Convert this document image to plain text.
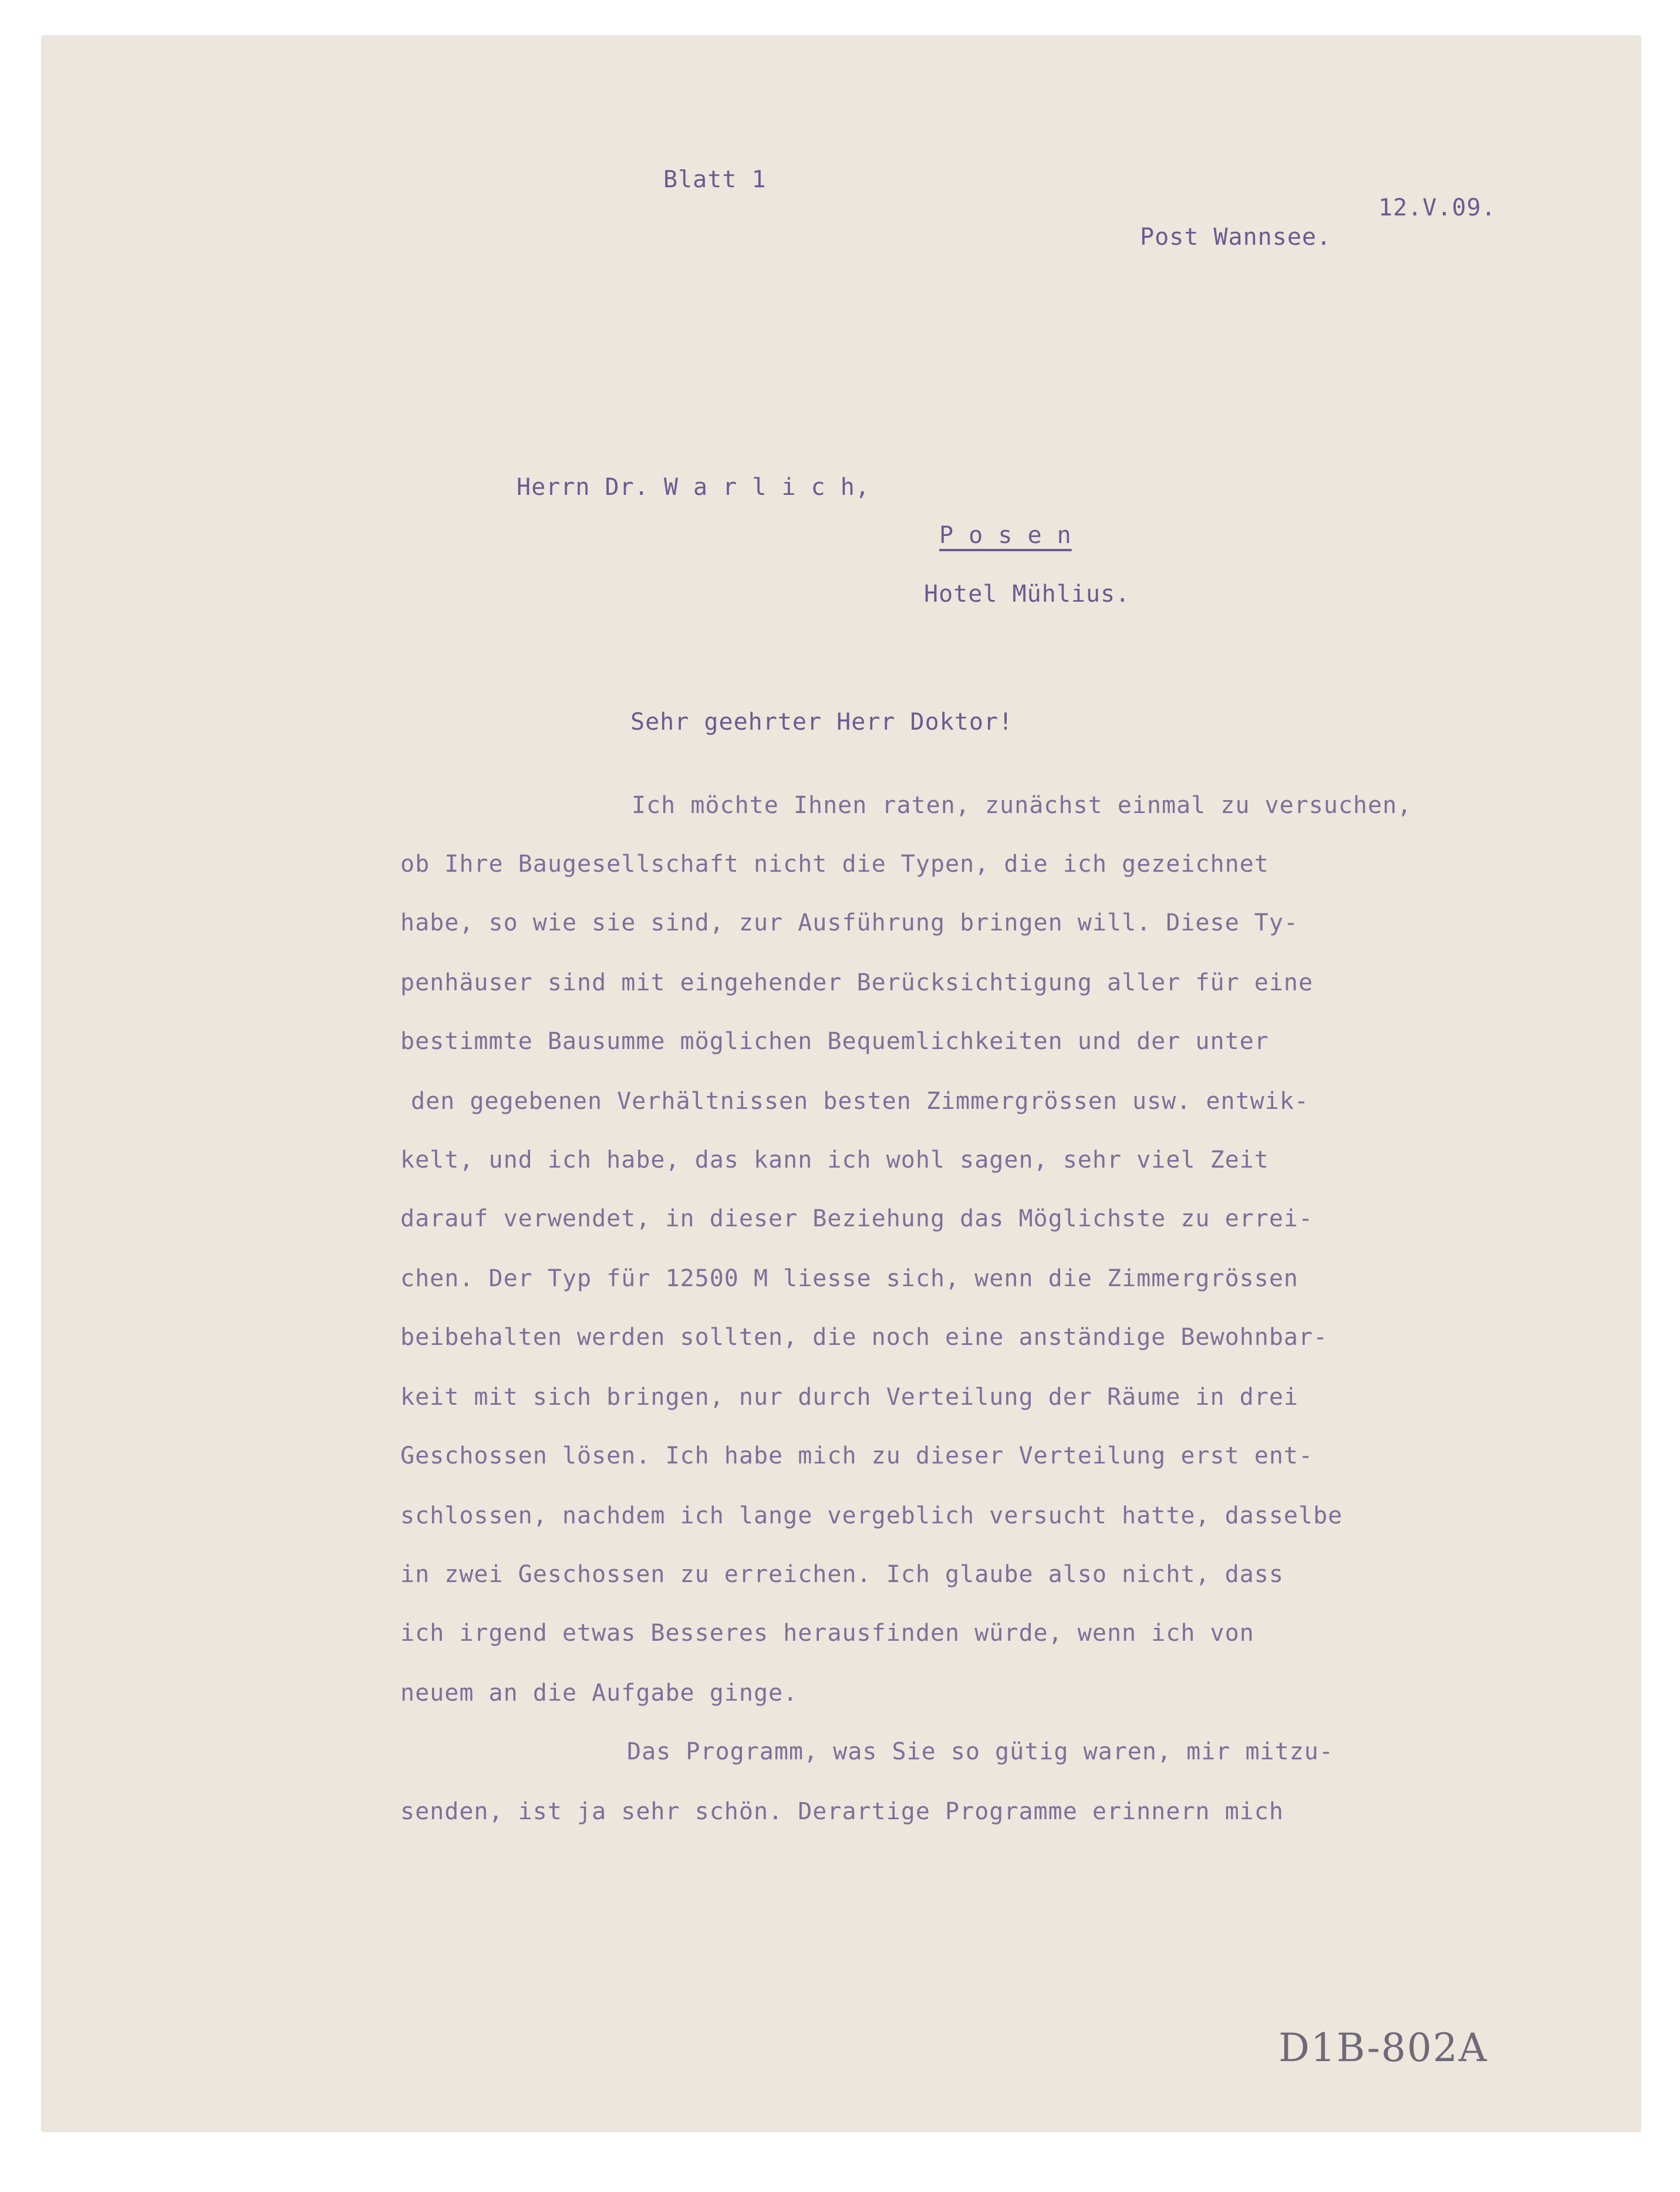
Blatt 1
12.V.09.
Post Wannsee.
Herrn Dr. W a r l i c h,
P o s e n
Hotel Mühlius.
Sehr geehrter Herr Doktor!
Ich möchte Ihnen raten, zunächst einmal zu versuchen,
ob Ihre Baugesellschaft nicht die Typen, die ich gezeichnet
habe, so wie sie sind, zur Ausführung bringen will. Diese Ty-
penhäuser sind mit eingehender Berücksichtigung aller für eine
bestimmte Bausumme möglichen Bequemlichkeiten und der unter
den gegebenen Verhältnissen besten Zimmergrössen usw. entwik-
kelt, und ich habe, das kann ich wohl sagen, sehr viel Zeit
darauf verwendet, in dieser Beziehung das Möglichste zu errei-
chen. Der Typ für 12500 M liesse sich, wenn die Zimmergrössen
beibehalten werden sollten, die noch eine anständige Bewohnbar-
keit mit sich bringen, nur durch Verteilung der Räume in drei
Geschossen lösen. Ich habe mich zu dieser Verteilung erst ent-
schlossen, nachdem ich lange vergeblich versucht hatte, dasselbe
in zwei Geschossen zu erreichen. Ich glaube also nicht, dass
ich irgend etwas Besseres herausfinden würde, wenn ich von
neuem an die Aufgabe ginge.
Das Programm, was Sie so gütig waren, mir mitzu-
senden, ist ja sehr schön. Derartige Programme erinnern mich
D1B-802A
